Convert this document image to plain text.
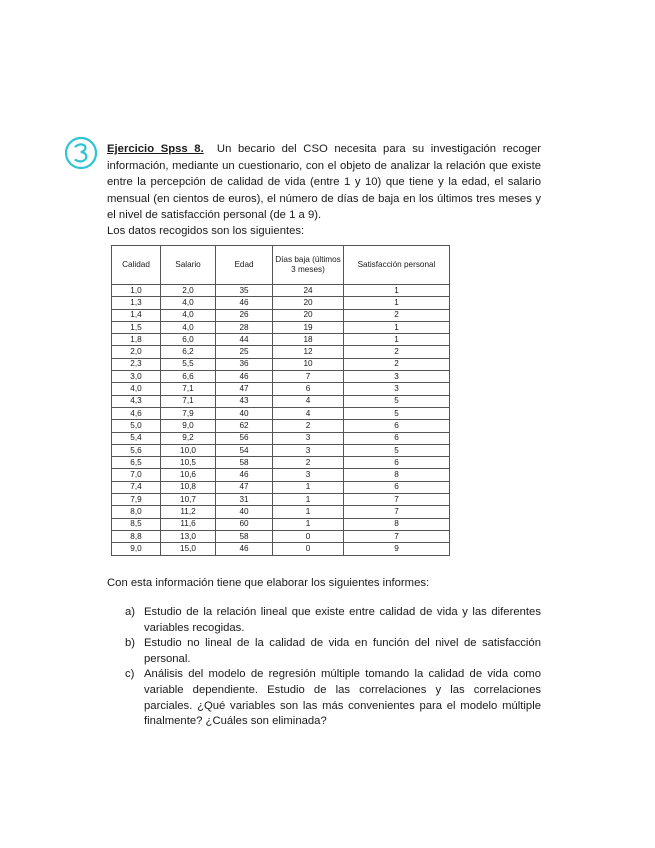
Ejercicio Spss 8. Un becario del CSO necesita para su investigación recoger información, mediante un cuestionario, con el objeto de analizar la relación que existe entre la percepción de calidad de vida (entre 1 y 10) que tiene y la edad, el salario mensual (en cientos de euros), el número de días de baja en los últimos tres meses y el nivel de satisfacción personal (de 1 a 9).

Los datos recogidos son los siguientes:

Calidad	Salario	Edad	Días baja (últimos 3 meses)	Satisfacción personal
1,0	2,0	35	24	1
1,3	4,0	46	20	1
1,4	4,0	26	20	2
1,5	4,0	28	19	1
1,8	6,0	44	18	1
2,0	6,2	25	12	2
2,3	5,5	36	10	2
3,0	6,6	46	7	3
4,0	7,1	47	6	3
4,3	7,1	43	4	5
4,6	7,9	40	4	5
5,0	9,0	62	2	6
5,4	9,2	56	3	6
5,6	10,0	54	3	5
6,5	10,5	58	2	6
7,0	10,6	46	3	8
7,4	10,8	47	1	6
7,9	10,7	31	1	7
8,0	11,2	40	1	7
8,5	11,6	60	1	8
8,8	13,0	58	0	7
9,0	15,0	46	0	9

Con esta información tiene que elaborar los siguientes informes:

a) Estudio de la relación lineal que existe entre calidad de vida y las diferentes variables recogidas.
b) Estudio no lineal de la calidad de vida en función del nivel de satisfacción personal.
c) Análisis del modelo de regresión múltiple tomando la calidad de vida como variable dependiente. Estudio de las correlaciones y las correlaciones parciales. ¿Qué variables son las más convenientes para el modelo múltiple finalmente? ¿Cuáles son eliminada?
